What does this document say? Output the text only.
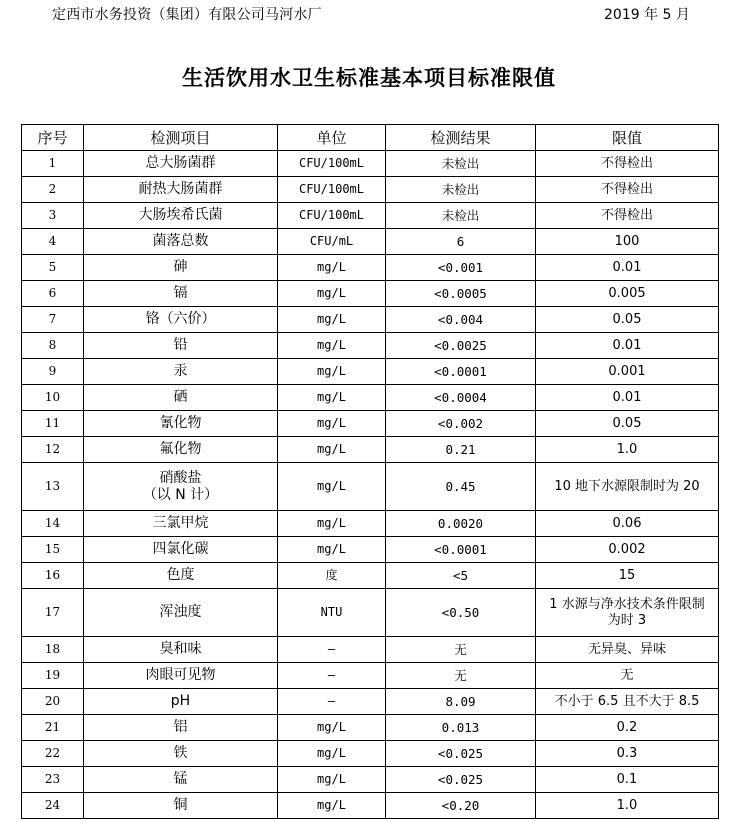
定西市水务投资（集团）有限公司马河水厂	2019 年 5 月
生活饮用水卫生标准基本项目标准限值
序号	检测项目	单位	检测结果	限值

1	总大肠菌群	CFU/100mL	未检出	不得检出

2	耐热大肠菌群	CFU/100mL	未检出	不得检出

3	大肠埃希氏菌	CFU/100mL	未检出	不得检出

4	菌落总数	CFU/mL	6	100

5	砷	mg/L	<0.001	0.01

6	镉	mg/L	<0.0005	0.005

7	铬（六价）	mg/L	<0.004	0.05

8	铅	mg/L	<0.0025	0.01

9	汞	mg/L	<0.0001	0.001

10	硒	mg/L	<0.0004	0.01

11	氰化物	mg/L	<0.002	0.05

12	氟化物	mg/L	0.21	1.0

13	硝酸盐
（以 N 计）	mg/L	0.45	10 地下水源限制时为 20

14	三氯甲烷	mg/L	0.0020	0.06

15	四氯化碳	mg/L	<0.0001	0.002

16	色度	度	<5	15

17	浑浊度	NTU	<0.50	1 水源与净水技术条件限制
为时 3

18	臭和味	—	无	无异臭、异味

19	肉眼可见物	—	无	无

20	pH	—	8.09	不小于 6.5 且不大于 8.5

21	铝	mg/L	0.013	0.2

22	铁	mg/L	<0.025	0.3

23	锰	mg/L	<0.025	0.1

24	铜	mg/L	<0.20	1.0
